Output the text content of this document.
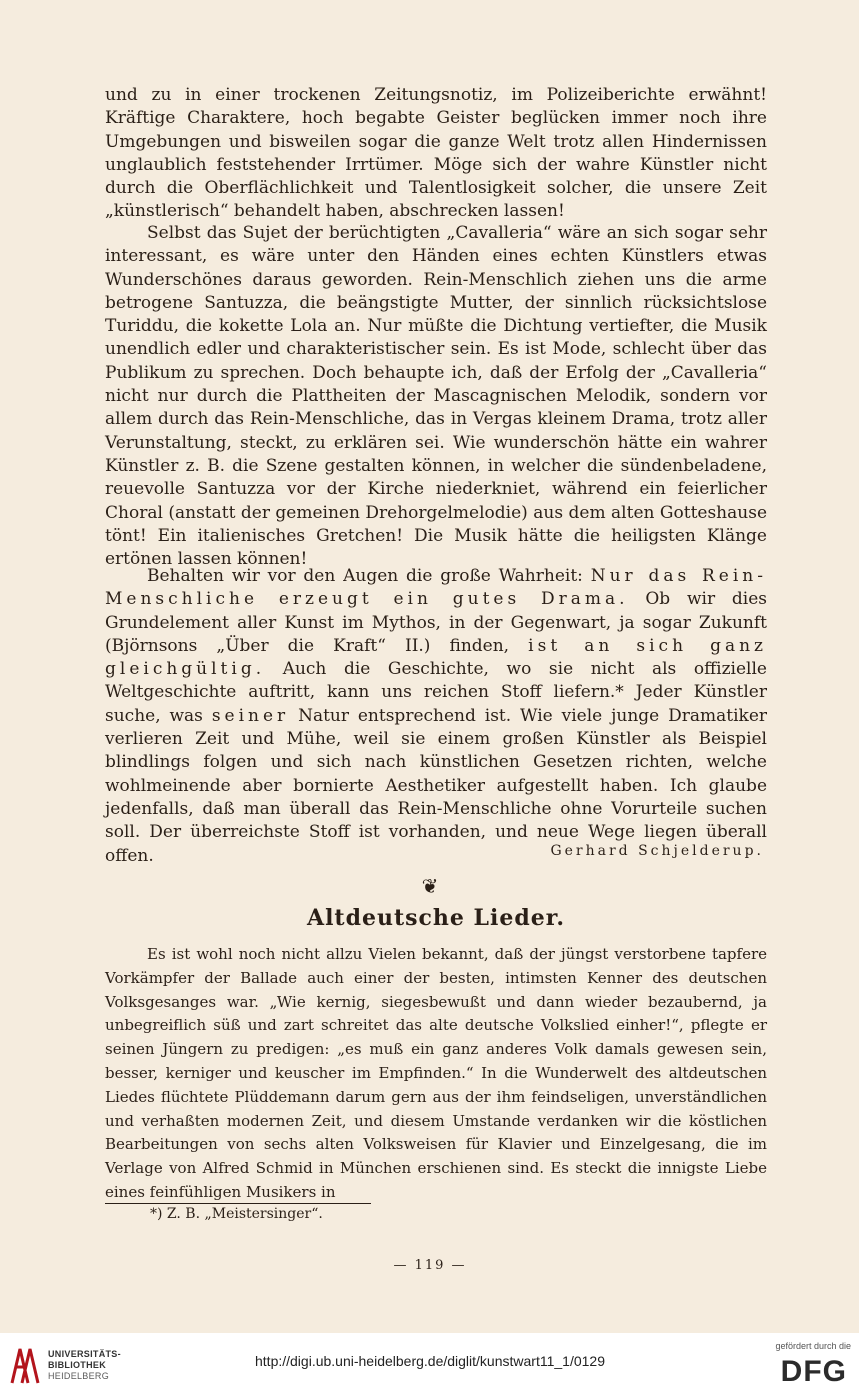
und zu in einer trockenen Zeitungsnotiz, im Polizeiberichte erwähnt! Kräftige Charaktere, hoch begabte Geister beglücken immer noch ihre Umgebungen und bisweilen sogar die ganze Welt trotz allen Hindernissen unglaublich feststehender Irrtümer. Möge sich der wahre Künstler nicht durch die Oberflächlichkeit und Talentlosigkeit solcher, die unsere Zeit „künstlerisch“ behandelt haben, abschrecken lassen!

Selbst das Sujet der berüchtigten „Cavalleria“ wäre an sich sogar sehr interessant, es wäre unter den Händen eines echten Künstlers etwas Wunderschönes daraus geworden. Rein-Menschlich ziehen uns die arme betrogene Santuzza, die beängstigte Mutter, der sinnlich rücksichtslose Turiddu, die kokette Lola an. Nur müßte die Dichtung vertiefter, die Musik unendlich edler und charakteristischer sein. Es ist Mode, schlecht über das Publikum zu sprechen. Doch behaupte ich, daß der Erfolg der „Cavalleria“ nicht nur durch die Plattheiten der Mascagnischen Melodik, sondern vor allem durch das Rein-Menschliche, das in Vergas kleinem Drama, trotz aller Verunstaltung, steckt, zu erklären sei. Wie wunderschön hätte ein wahrer Künstler z. B. die Szene gestalten können, in welcher die sündenbeladene, reuevolle Santuzza vor der Kirche niederkniet, während ein feierlicher Choral (anstatt der gemeinen Drehorgelmelodie) aus dem alten Gotteshause tönt! Ein italienisches Gretchen! Die Musik hätte die heiligsten Klänge ertönen lassen können!

Behalten wir vor den Augen die große Wahrheit: Nur das Rein-Menschliche erzeugt ein gutes Drama. Ob wir dies Grundelement aller Kunst im Mythos, in der Gegenwart, ja sogar Zukunft (Björnsons „Über die Kraft“ II.) finden, ist an sich ganz gleichgültig. Auch die Geschichte, wo sie nicht als offizielle Weltgeschichte auftritt, kann uns reichen Stoff liefern.* Jeder Künstler suche, was seiner Natur entsprechend ist. Wie viele junge Dramatiker verlieren Zeit und Mühe, weil sie einem großen Künstler als Beispiel blindlings folgen und sich nach künstlichen Gesetzen richten, welche wohlmeinende aber bornierte Aesthetiker aufgestellt haben. Ich glaube jedenfalls, daß man überall das Rein-Menschliche ohne Vorurteile suchen soll. Der überreichste Stoff ist vorhanden, und neue Wege liegen überall offen.	Gerhard Schjelderup.
❦
Altdeutsche Lieder.

Es ist wohl noch nicht allzu Vielen bekannt, daß der jüngst verstorbene tapfere Vorkämpfer der Ballade auch einer der besten, intimsten Kenner des deutschen Volksgesanges war. „Wie kernig, siegesbewußt und dann wieder bezaubernd, ja unbegreiflich süß und zart schreitet das alte deutsche Volkslied einher!“, pflegte er seinen Jüngern zu predigen: „es muß ein ganz anderes Volk damals gewesen sein, besser, kerniger und keuscher im Empfinden.“ In die Wunderwelt des altdeutschen Liedes flüchtete Plüddemann darum gern aus der ihm feindseligen, unverständlichen und verhaßten modernen Zeit, und diesem Umstande verdanken wir die köstlichen Bearbeitungen von sechs alten Volksweisen für Klavier und Einzelgesang, die im Verlage von Alfred Schmid in München erschienen sind. Es steckt die innigste Liebe eines feinfühligen Musikers in

*) Z. B. „Meistersinger“.
— 119 —
UNIVERSITÄTS-
BIBLIOTHEK
HEIDELBERG
http://digi.ub.uni-heidelberg.de/diglit/kunstwart11_1/0129
gefördert durch die
DFG
